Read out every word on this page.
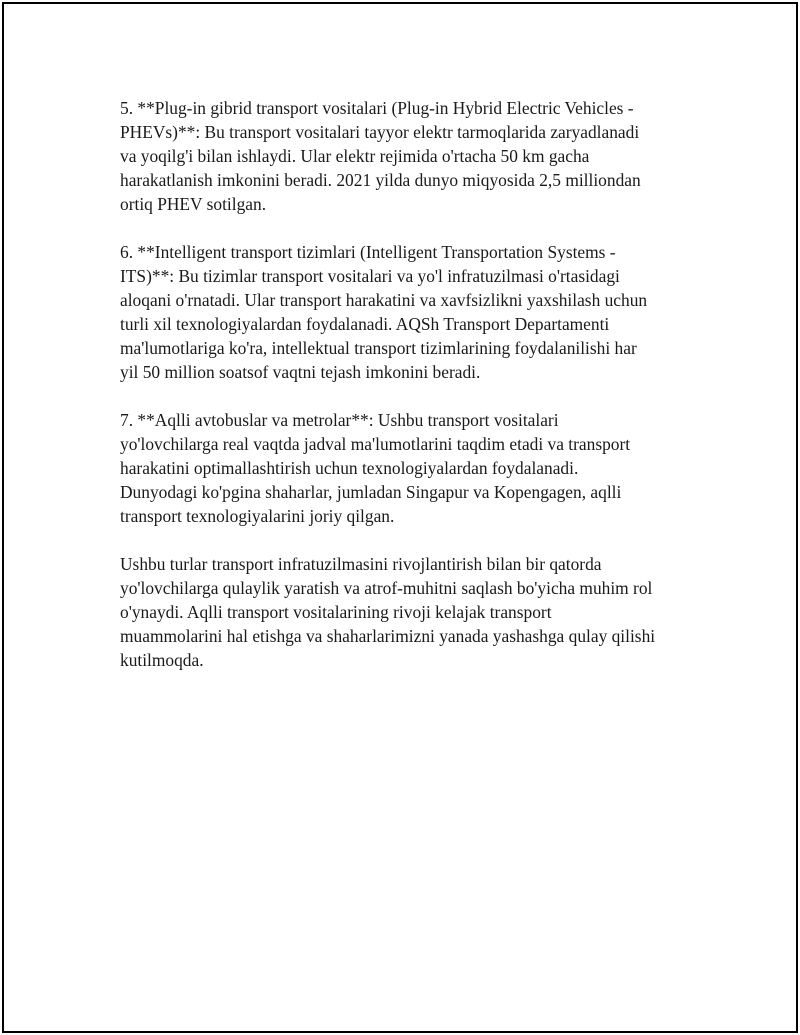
5. **Plug-in gibrid transport vositalari (Plug-in Hybrid Electric Vehicles -
PHEVs)**: Bu transport vositalari tayyor elektr tarmoqlarida zaryadlanadi
va yoqilg'i bilan ishlaydi. Ular elektr rejimida o'rtacha 50 km gacha
harakatlanish imkonini beradi. 2021 yilda dunyo miqyosida 2,5 milliondan
ortiq PHEV sotilgan.

6. **Intelligent transport tizimlari (Intelligent Transportation Systems -
ITS)**: Bu tizimlar transport vositalari va yo'l infratuzilmasi o'rtasidagi
aloqani o'rnatadi. Ular transport harakatini va xavfsizlikni yaxshilash uchun
turli xil texnologiyalardan foydalanadi. AQSh Transport Departamenti
ma'lumotlariga ko'ra, intellektual transport tizimlarining foydalanilishi har
yil 50 million soatsof vaqtni tejash imkonini beradi.

7. **Aqlli avtobuslar va metrolar**: Ushbu transport vositalari
yo'lovchilarga real vaqtda jadval ma'lumotlarini taqdim etadi va transport
harakatini optimallashtirish uchun texnologiyalardan foydalanadi.
Dunyodagi ko'pgina shaharlar, jumladan Singapur va Kopengagen, aqlli
transport texnologiyalarini joriy qilgan.

Ushbu turlar transport infratuzilmasini rivojlantirish bilan bir qatorda
yo'lovchilarga qulaylik yaratish va atrof-muhitni saqlash bo'yicha muhim rol
o'ynaydi. Aqlli transport vositalarining rivoji kelajak transport
muammolarini hal etishga va shaharlarimizni yanada yashashga qulay qilishi
kutilmoqda.
